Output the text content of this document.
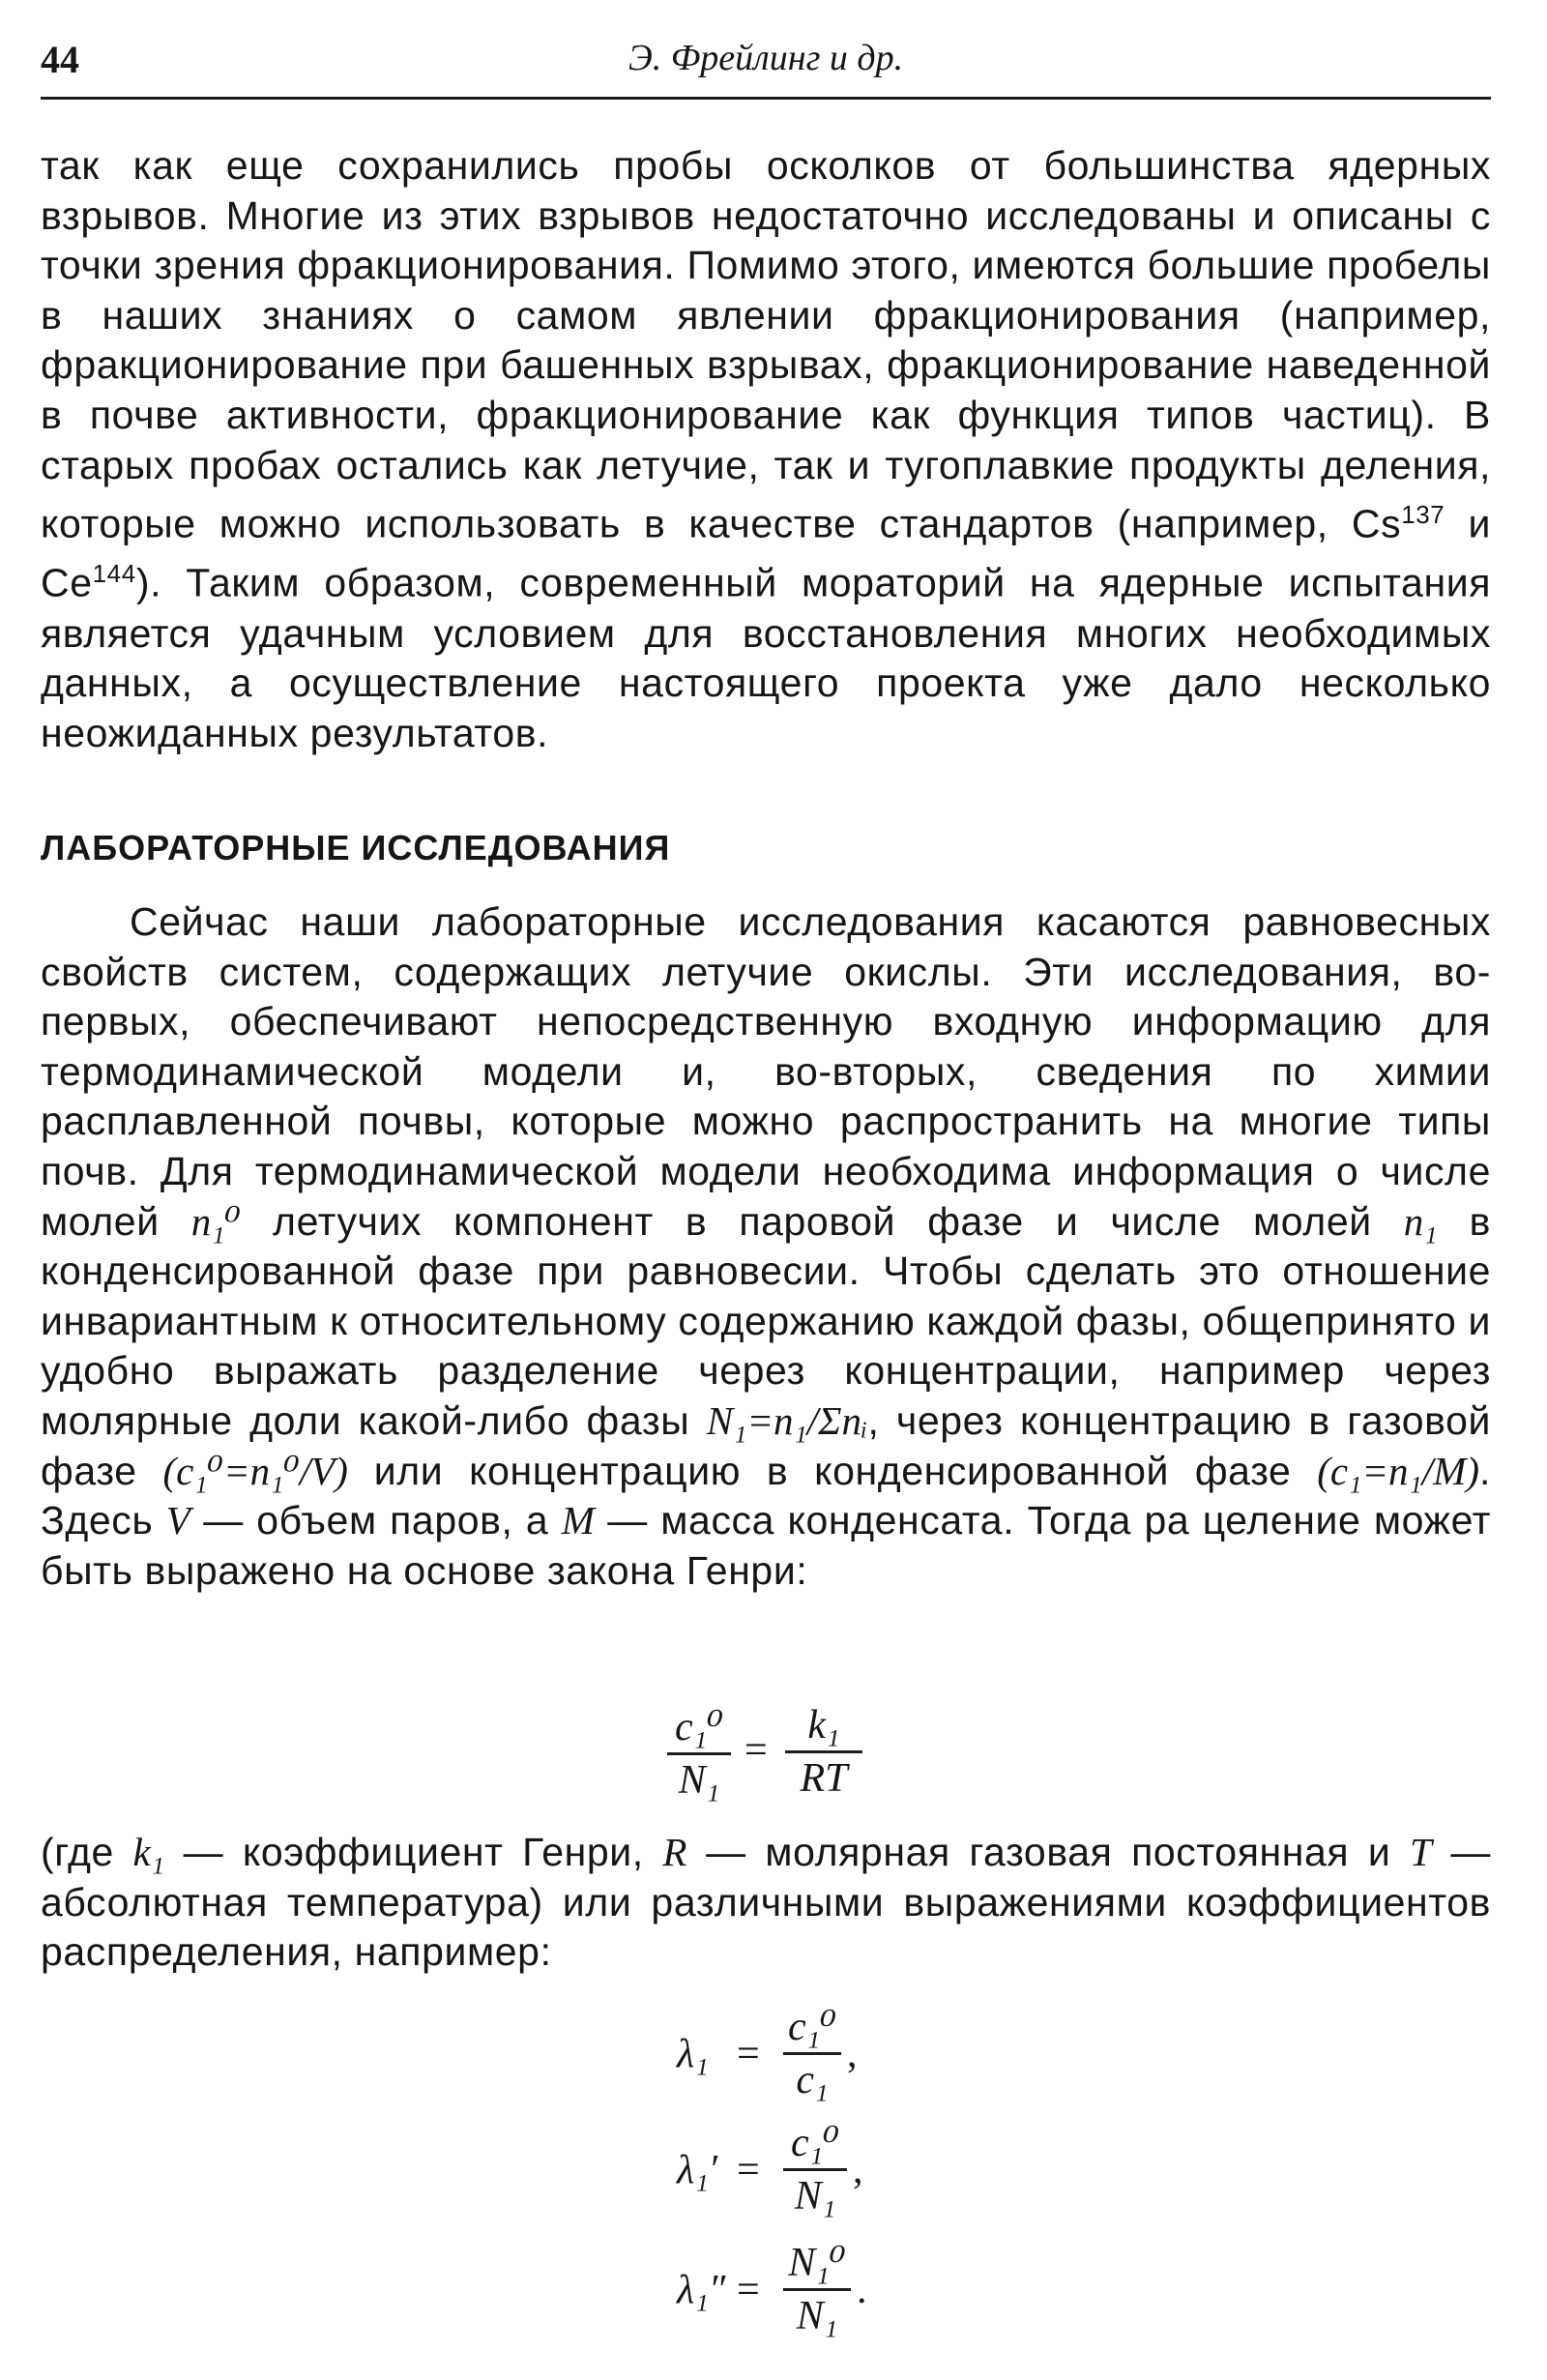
44	Э. Фрейлинг и др.
так как еще сохранились пробы осколков от большинства ядерных взрывов. Многие из этих взрывов недостаточно исследованы и описаны с точки зрения фракционирования. Помимо этого, имеются большие пробелы в наших знаниях о самом явлении фракционирования (например, фракционирование при башенных взрывах, фракционирование наведенной в почве активности, фракционирование как функция типов частиц). В старых пробах остались как летучие, так и тугоплавкие продукты деления, которые можно использовать в качестве стандартов (например, Cs$^{137}$ и Ce$^{144}$). Таким образом, современный мораторий на ядерные испытания является удачным условием для восстановления многих необходимых данных, а осуществление настоящего проекта уже дало несколько неожиданных результатов.
ЛАБОРАТОРНЫЕ ИССЛЕДОВАНИЯ
Сейчас наши лабораторные исследования касаются равновесных свойств систем, содержащих летучие окислы. Эти исследования, во-первых, обеспечивают непосредственную входную информацию для термодинамической модели и, во-вторых, сведения по химии расплавленной почвы, которые можно распространить на многие типы почв. Для термодинамической модели необходима информация о числе молей n₁⁰ летучих компонент в паровой фазе и числе молей n₁ в конденсированной фазе при равновесии. Чтобы сделать это отношение инвариантным к относительному содержанию каждой фазы, общепринято и удобно выражать разделение через концентрации, например через молярные доли какой-либо фазы N₁=n₁/Σnᵢ, через концентрацию в газовой фазе (c₁⁰=n₁⁰/V) или концентрацию в конденсированной фазе (c₁=n₁/M). Здесь V — объем паров, а M — масса конденсата. Тогда ра целение может быть выражено на основе закона Генри:
$\frac{\text{c₁⁰}}{\text{N₁}} = \frac{\text{k₁}}{RT}$
(где k₁ — коэффициент Генри, R — молярная газовая постоянная и T — абсолютная температура) или различными выражениями коэффициентов распределения, например:
$\lambda_1 = \frac{\text{c₁⁰}}{\text{c₁}}$ ,
$\lambda_1' = \frac{\text{c₁⁰}}{\text{N₁}}$ ,
$\lambda_1'' = \frac{\text{N₁⁰}}{\text{N₁}}$ .
